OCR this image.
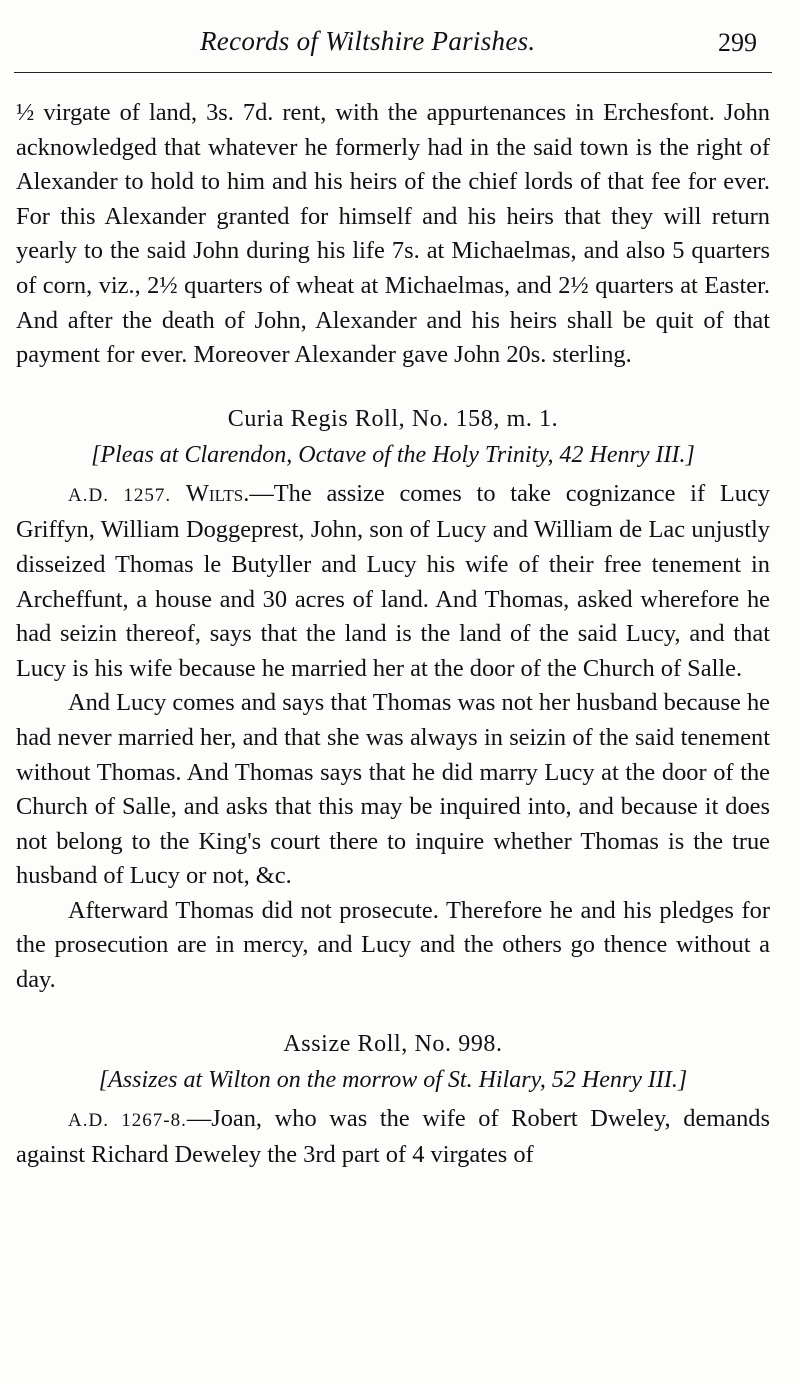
Records of Wiltshire Parishes.	299

½ virgate of land, 3s. 7d. rent, with the appurtenances in Erchesfont. John acknowledged that whatever he formerly had in the said town is the right of Alexander to hold to him and his heirs of the chief lords of that fee for ever. For this Alexander granted for himself and his heirs that they will return yearly to the said John during his life 7s. at Michaelmas, and also 5 quarters of corn, viz., 2½ quarters of wheat at Michaelmas, and 2½ quarters at Easter. And after the death of John, Alexander and his heirs shall be quit of that payment for ever. Moreover Alexander gave John 20s. sterling.

Curia Regis Roll, No. 158, m. 1.
[Pleas at Clarendon, Octave of the Holy Trinity, 42 Henry III.]

A.D. 1257. Wilts.—The assize comes to take cognizance if Lucy Griffyn, William Doggeprest, John, son of Lucy and William de Lac unjustly disseized Thomas le Butyller and Lucy his wife of their free tenement in Archeffunt, a house and 30 acres of land. And Thomas, asked wherefore he had seizin thereof, says that the land is the land of the said Lucy, and that Lucy is his wife because he married her at the door of the Church of Salle.

And Lucy comes and says that Thomas was not her husband because he had never married her, and that she was always in seizin of the said tenement without Thomas. And Thomas says that he did marry Lucy at the door of the Church of Salle, and asks that this may be inquired into, and because it does not belong to the King's court there to inquire whether Thomas is the true husband of Lucy or not, &c.

Afterward Thomas did not prosecute. Therefore he and his pledges for the prosecution are in mercy, and Lucy and the others go thence without a day.

Assize Roll, No. 998.
[Assizes at Wilton on the morrow of St. Hilary, 52 Henry III.]

A.D. 1267-8.—Joan, who was the wife of Robert Dweley, demands against Richard Deweley the 3rd part of 4 virgates of
